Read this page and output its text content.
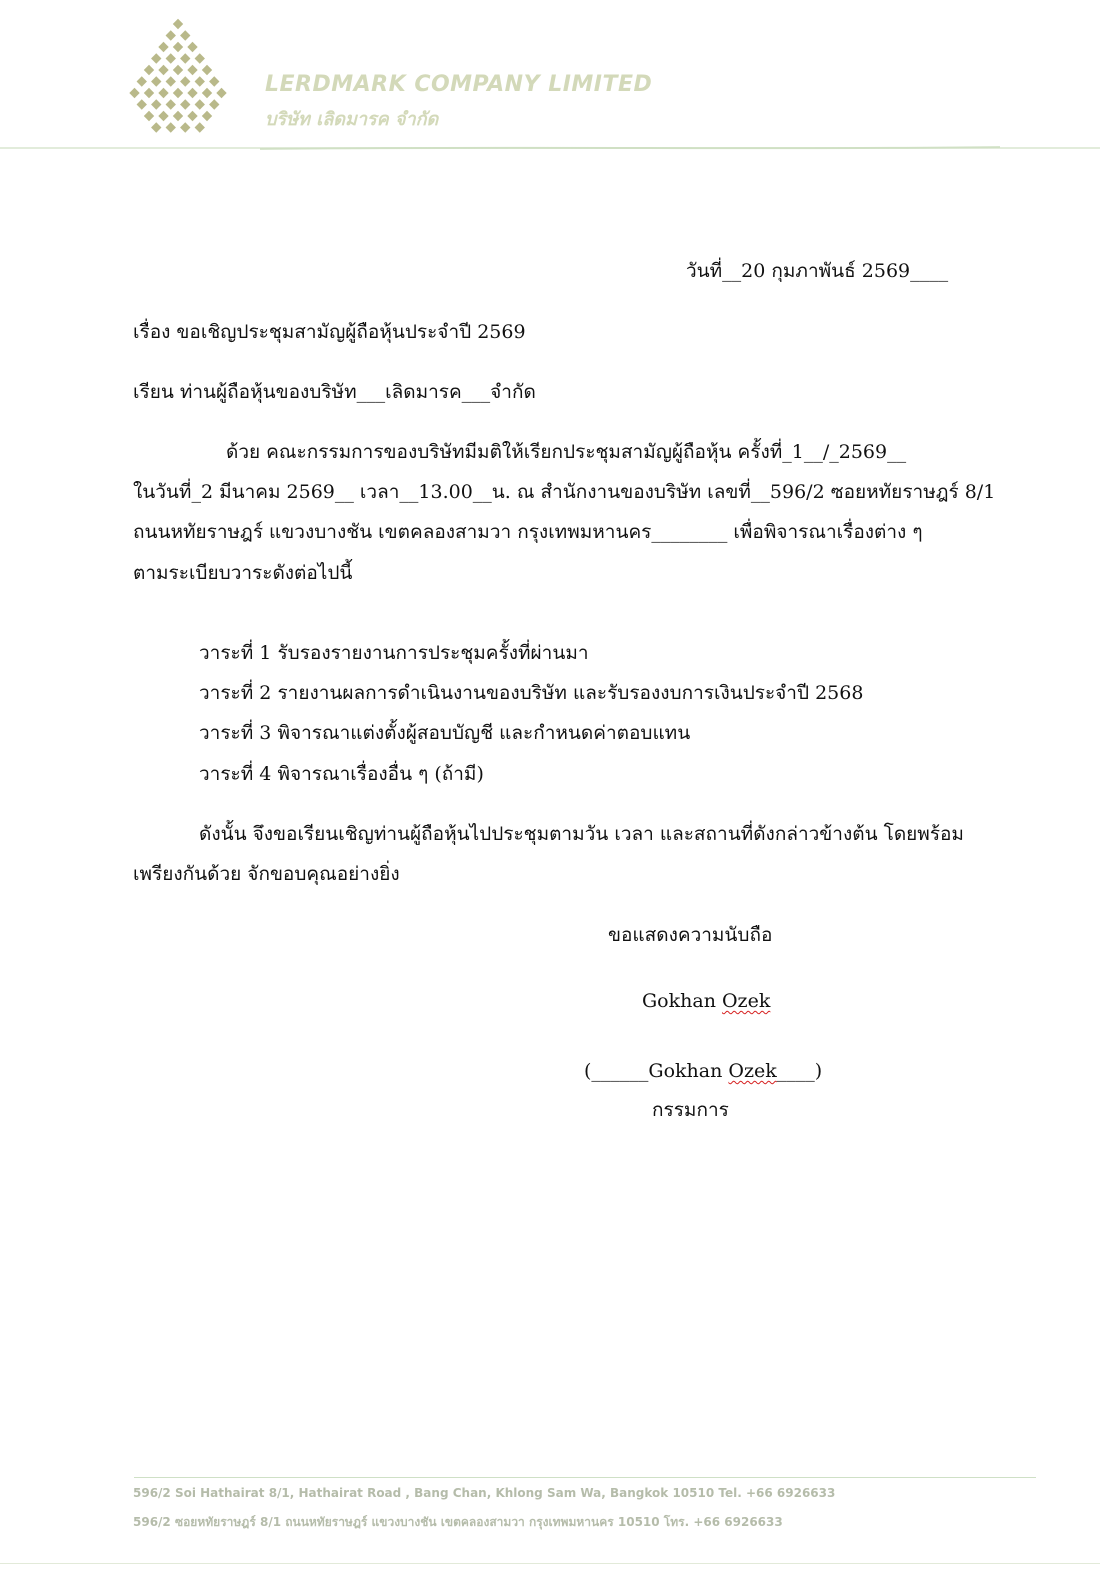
LERDMARK COMPANY LIMITED
บริษัท เลิดมารค จำกัด
วันที่__20 กุมภาพันธ์ 2569____
เรื่อง ขอเชิญประชุมสามัญผู้ถือหุ้นประจำปี 2569
เรียน ท่านผู้ถือหุ้นของบริษัท___เลิดมารค___จำกัด
ด้วย คณะกรรมการของบริษัทมีมติให้เรียกประชุมสามัญผู้ถือหุ้น ครั้งที่_1__/_2569__
ในวันที่_2 มีนาคม 2569__ เวลา__13.00__น. ณ สำนักงานของบริษัท เลขที่__596/2 ซอยหทัยราษฎร์ 8/1
ถนนหทัยราษฎร์ แขวงบางชัน เขตคลองสามวา กรุงเทพมหานคร________ เพื่อพิจารณาเรื่องต่าง ๆ
ตามระเบียบวาระดังต่อไปนี้
วาระที่ 1 รับรองรายงานการประชุมครั้งที่ผ่านมา
วาระที่ 2 รายงานผลการดำเนินงานของบริษัท และรับรองงบการเงินประจำปี 2568
วาระที่ 3 พิจารณาแต่งตั้งผู้สอบบัญชี และกำหนดค่าตอบแทน
วาระที่ 4 พิจารณาเรื่องอื่น ๆ (ถ้ามี)
ดังนั้น จึงขอเรียนเชิญท่านผู้ถือหุ้นไปประชุมตามวัน เวลา และสถานที่ดังกล่าวข้างต้น โดยพร้อม
เพรียงกันด้วย จักขอบคุณอย่างยิ่ง
ขอแสดงความนับถือ
Gokhan Ozek
(______Gokhan Ozek____)
กรรมการ
596/2 Soi Hathairat 8/1, Hathairat Road , Bang Chan, Khlong Sam Wa, Bangkok 10510 Tel. +66 6926633
596/2 ซอยหทัยราษฎร์ 8/1 ถนนหทัยราษฎร์ แขวงบางชัน เขตคลองสามวา กรุงเทพมหานคร 10510 โทร. +66 6926633
